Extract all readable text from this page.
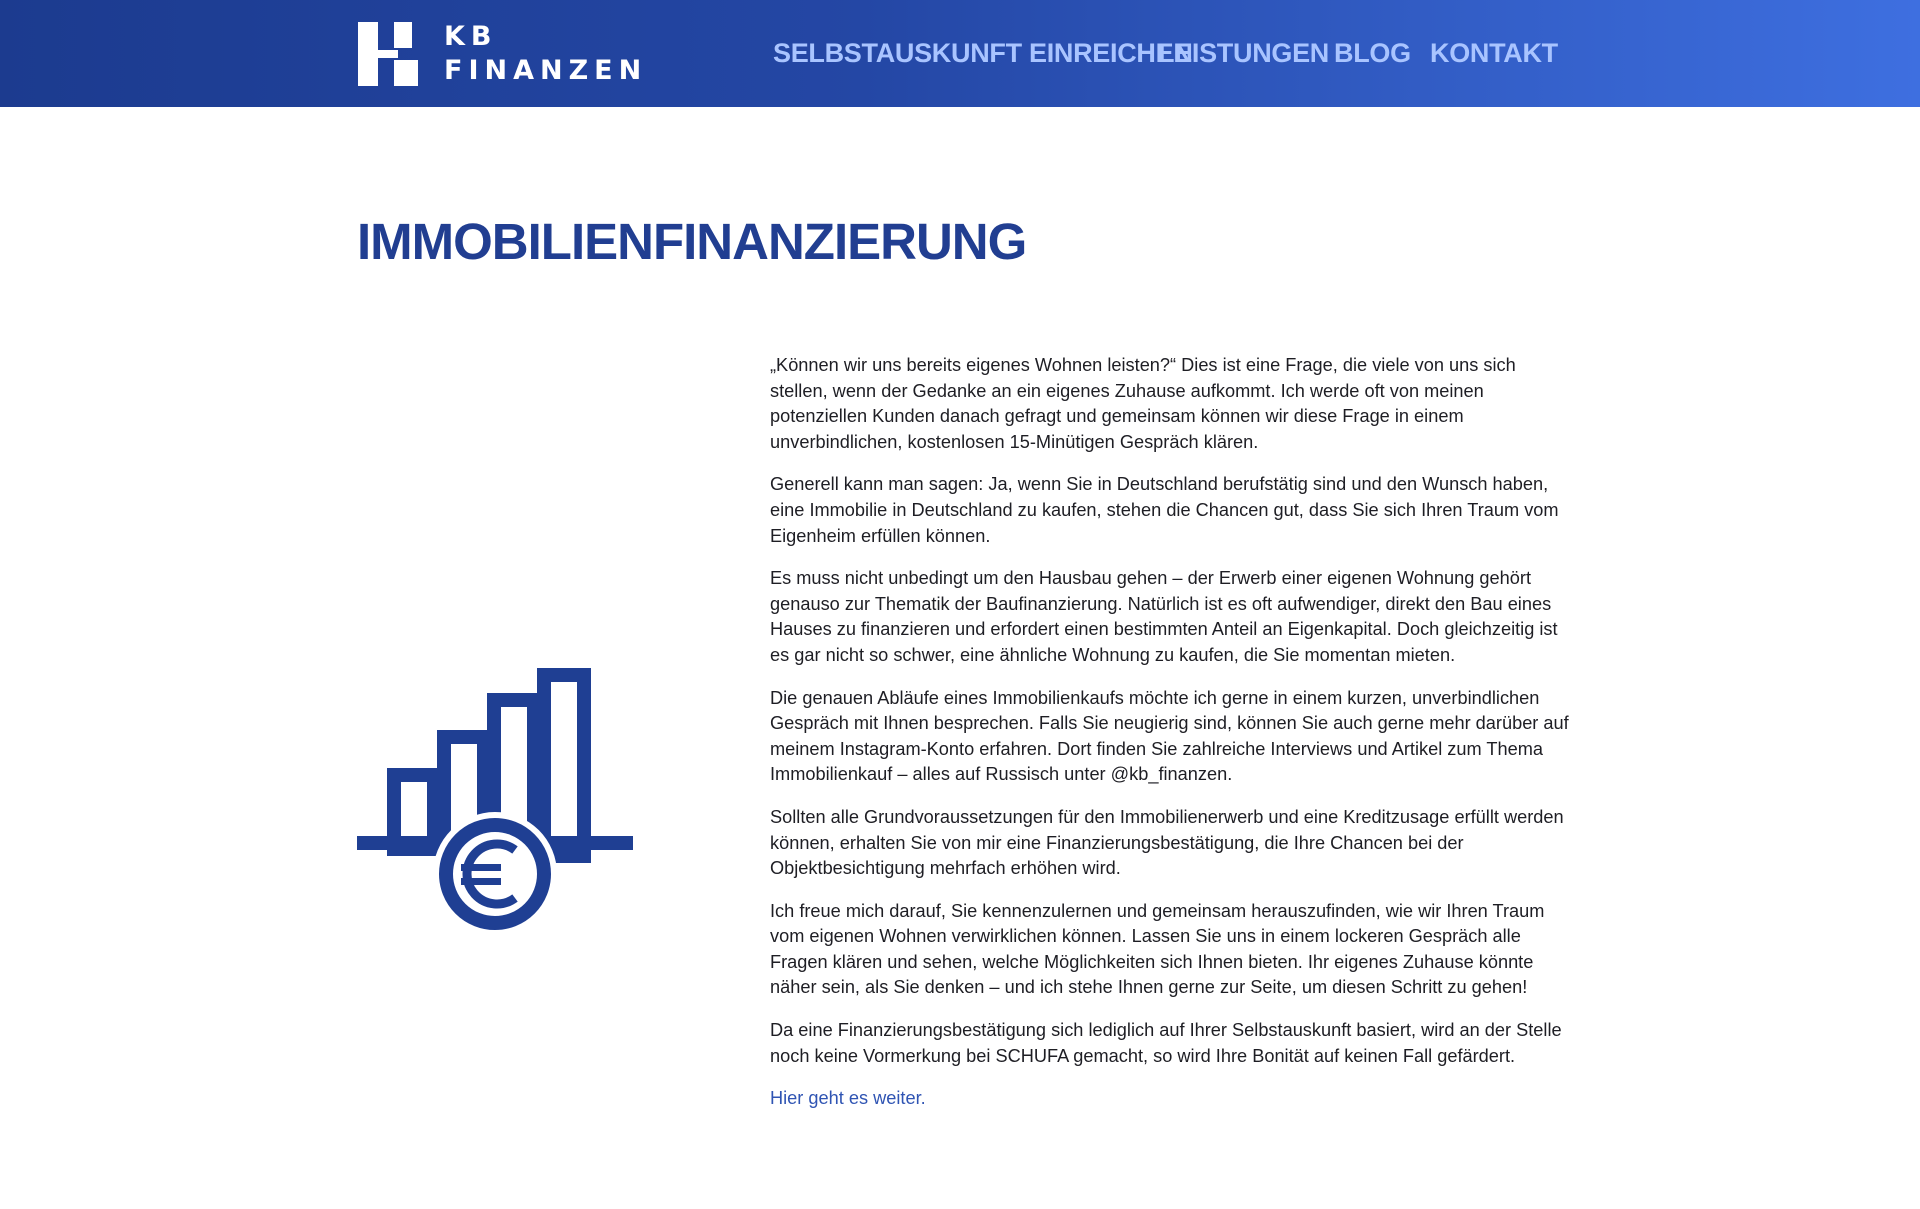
KB
FINANZEN
SELBSTAUSKUNFT EINREICHEN
LEISTUNGEN BLOG KONTAKT
IMMOBILIENFINANZIERUNG

„Können wir uns bereits eigenes Wohnen leisten?“ Dies ist eine Frage, die viele von uns sich stellen, wenn der Gedanke an ein eigenes Zuhause aufkommt. Ich werde oft von meinen potenziellen Kunden danach gefragt und gemeinsam können wir diese Frage in einem unverbindlichen, kostenlosen 15-Minütigen Gespräch klären.

Generell kann man sagen: Ja, wenn Sie in Deutschland berufstätig sind und den Wunsch haben, eine Immobilie in Deutschland zu kaufen, stehen die Chancen gut, dass Sie sich Ihren Traum vom Eigenheim erfüllen können.

Es muss nicht unbedingt um den Hausbau gehen – der Erwerb einer eigenen Wohnung gehört genauso zur Thematik der Baufinanzierung. Natürlich ist es oft aufwendiger, direkt den Bau eines Hauses zu finanzieren und erfordert einen bestimmten Anteil an Eigenkapital. Doch gleichzeitig ist es gar nicht so schwer, eine ähnliche Wohnung zu kaufen, die Sie momentan mieten.

Die genauen Abläufe eines Immobilienkaufs möchte ich gerne in einem kurzen, unverbindlichen Gespräch mit Ihnen besprechen. Falls Sie neugierig sind, können Sie auch gerne mehr darüber auf meinem Instagram-Konto erfahren. Dort finden Sie zahlreiche Interviews und Artikel zum Thema Immobilienkauf – alles auf Russisch unter @kb_finanzen.

Sollten alle Grundvoraussetzungen für den Immobilienerwerb und eine Kreditzusage erfüllt werden können, erhalten Sie von mir eine Finanzierungsbestätigung, die Ihre Chancen bei der Objektbesichtigung mehrfach erhöhen wird.

Ich freue mich darauf, Sie kennenzulernen und gemeinsam herauszufinden, wie wir Ihren Traum vom eigenen Wohnen verwirklichen können. Lassen Sie uns in einem lockeren Gespräch alle Fragen klären und sehen, welche Möglichkeiten sich Ihnen bieten. Ihr eigenes Zuhause könnte näher sein, als Sie denken – und ich stehe Ihnen gerne zur Seite, um diesen Schritt zu gehen!

Da eine Finanzierungsbestätigung sich lediglich auf Ihrer Selbstauskunft basiert, wird an der Stelle noch keine Vormerkung bei SCHUFA gemacht, so wird Ihre Bonität auf keinen Fall gefärdert.

Hier geht es weiter.
